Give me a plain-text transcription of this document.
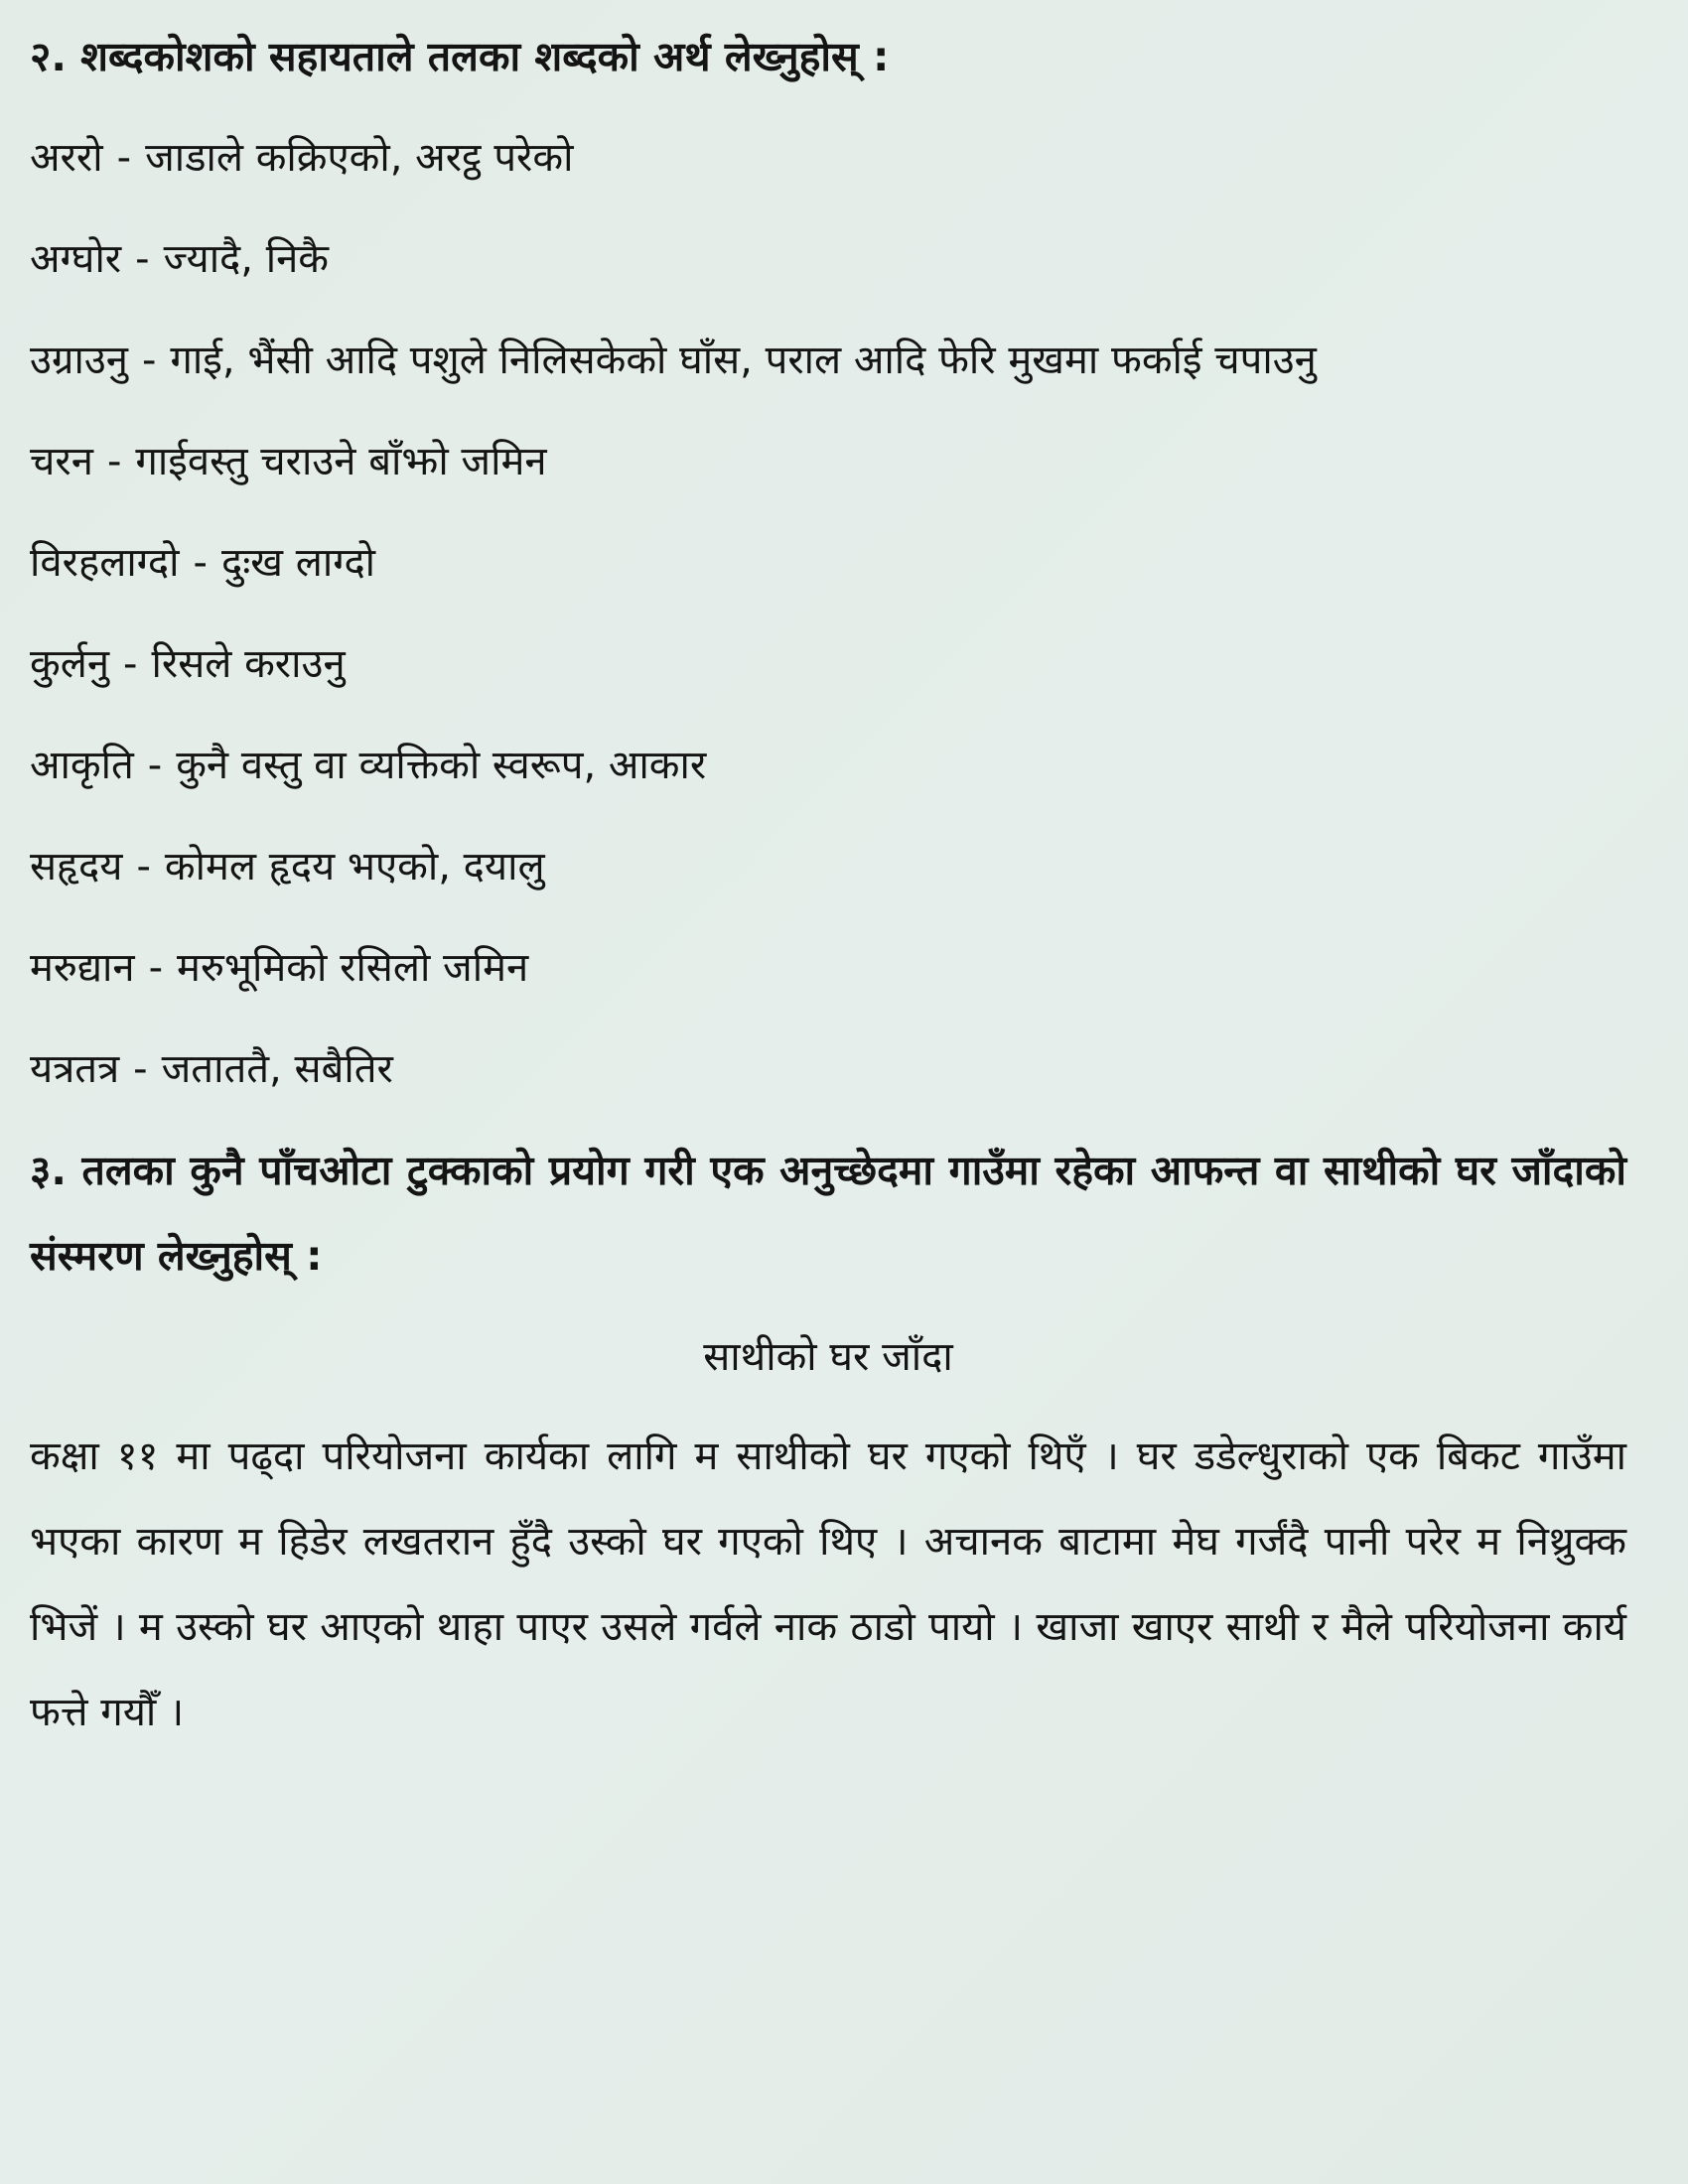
२. शब्दकोशको सहायताले तलका शब्दको अर्थ लेख्नुहोस् :

अररो - जाडाले कक्रिएको, अरट्ठ परेको

अग्घोर - ज्यादै, निकै

उग्राउनु - गाई, भैंसी आदि पशुले निलिसकेको घाँस, पराल आदि फेरि मुखमा फर्काई चपाउनु

चरन - गाईवस्तु चराउने बाँझो जमिन

विरहलाग्दो - दुःख लाग्दो

कुर्लनु - रिसले कराउनु

आकृति - कुनै वस्तु वा व्यक्तिको स्वरूप, आकार

सहृदय - कोमल हृदय भएको, दयालु

मरुद्यान - मरुभूमिको रसिलो जमिन

यत्रतत्र - जताततै, सबैतिर

३. तलका कुनै पाँचओटा टुक्काको प्रयोग गरी एक अनुच्छेदमा गाउँमा रहेका आफन्त वा साथीको घर जाँदाको संस्मरण लेख्नुहोस् :
साथीको घर जाँदा

कक्षा ११ मा पढ्दा परियोजना कार्यका लागि म साथीको घर गएको थिएँ । घर डडेल्धुराको एक बिकट गाउँमा भएका कारण म हिडेर लखतरान हुँदै उस्को घर गएको थिए । अचानक बाटामा मेघ गर्जंदै पानी परेर म निथ्रुक्क भिजें । म उस्को घर आएको थाहा पाएर उसले गर्वले नाक ठाडो पायो । खाजा खाएर साथी र मैले परियोजना कार्य फत्ते गयौँ ।
